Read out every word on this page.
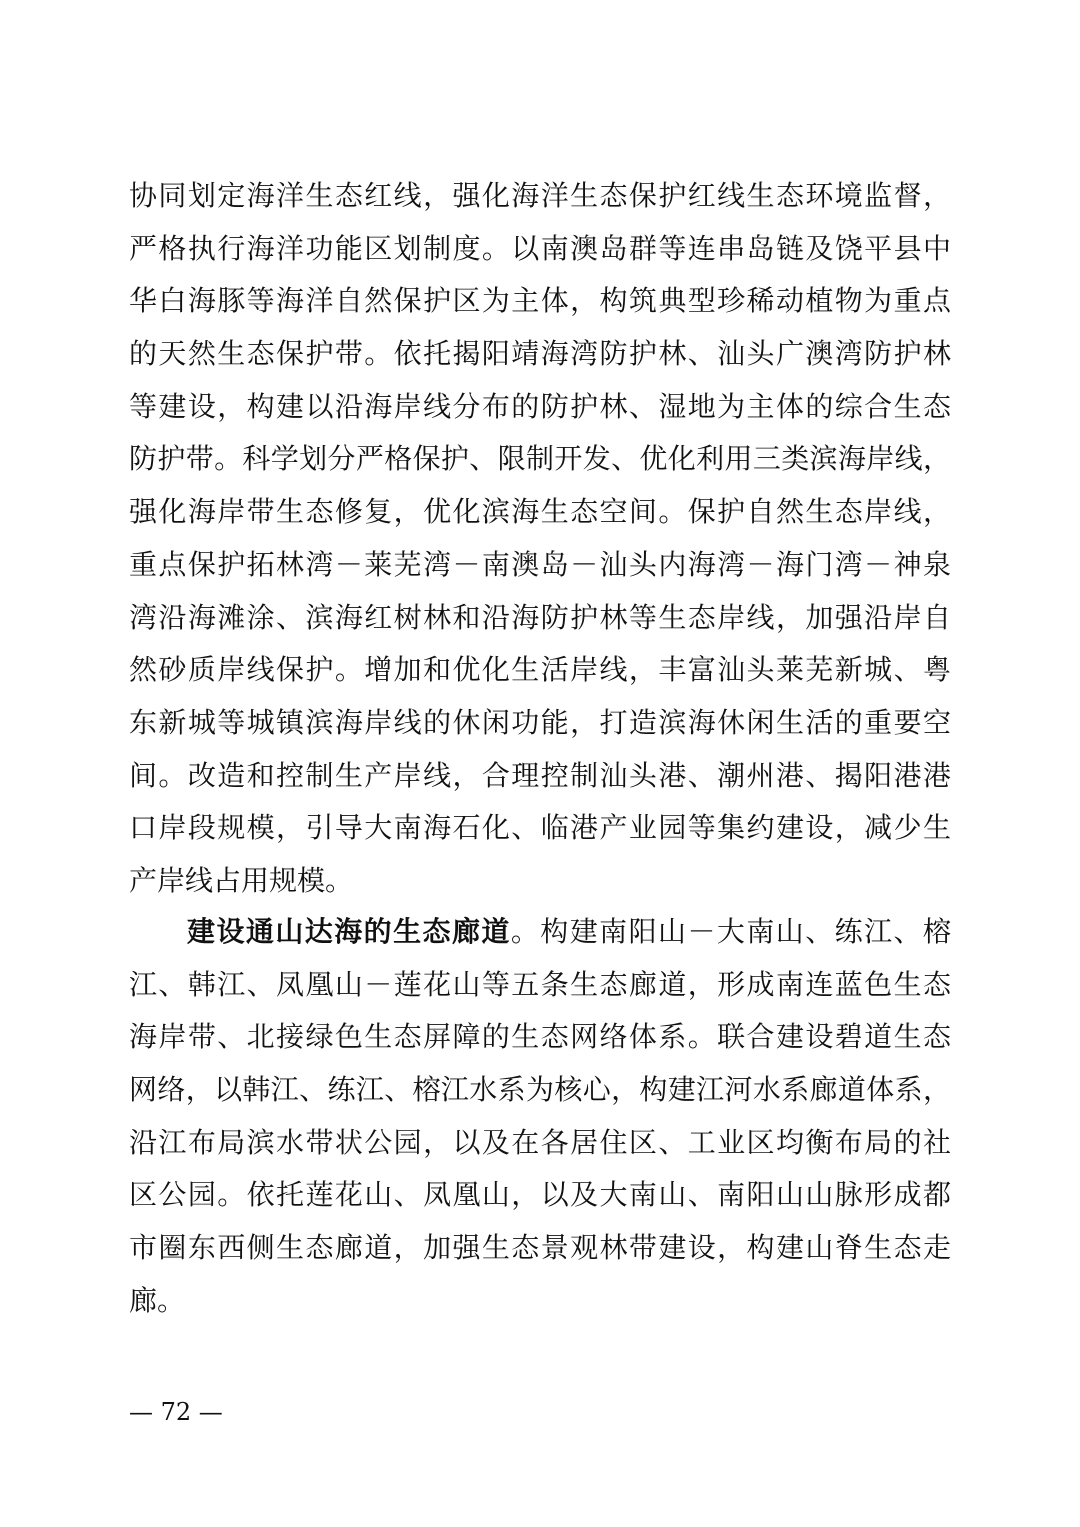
协同划定海洋生态红线，强化海洋生态保护红线生态环境监督，
严格执行海洋功能区划制度。以南澳岛群等连串岛链及饶平县中
华白海豚等海洋自然保护区为主体，构筑典型珍稀动植物为重点
的天然生态保护带。依托揭阳靖海湾防护林、汕头广澳湾防护林
等建设，构建以沿海岸线分布的防护林、湿地为主体的综合生态
防护带。科学划分严格保护、限制开发、优化利用三类滨海岸线，
强化海岸带生态修复，优化滨海生态空间。保护自然生态岸线，
重点保护拓林湾－莱芜湾－南澳岛－汕头内海湾－海门湾－神泉
湾沿海滩涂、滨海红树林和沿海防护林等生态岸线，加强沿岸自
然砂质岸线保护。增加和优化生活岸线，丰富汕头莱芜新城、粤
东新城等城镇滨海岸线的休闲功能，打造滨海休闲生活的重要空
间。改造和控制生产岸线，合理控制汕头港、潮州港、揭阳港港
口岸段规模，引导大南海石化、临港产业园等集约建设，减少生
产岸线占用规模。
建设通山达海的生态廊道。构建南阳山－大南山、练江、榕
江、韩江、凤凰山－莲花山等五条生态廊道，形成南连蓝色生态
海岸带、北接绿色生态屏障的生态网络体系。联合建设碧道生态
网络，以韩江、练江、榕江水系为核心，构建江河水系廊道体系，
沿江布局滨水带状公园，以及在各居住区、工业区均衡布局的社
区公园。依托莲花山、凤凰山，以及大南山、南阳山山脉形成都
市圈东西侧生态廊道，加强生态景观林带建设，构建山脊生态走
廊。
— 72 —
